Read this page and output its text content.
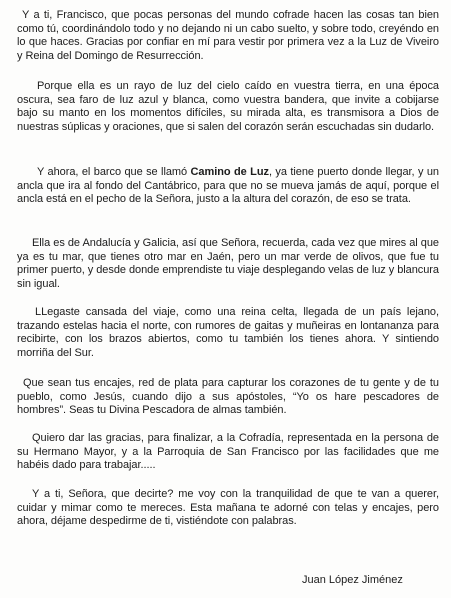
Y a ti, Francisco, que pocas personas del mundo cofrade hacen las cosas tan bien como tú, coordinándolo todo y no dejando ni un cabo suelto, y sobre todo, creyéndo en lo que haces. Gracias por confiar en mí para vestir por primera vez a la Luz de Viveiro y Reina del Domingo de Resurrección.

Porque ella es un rayo de luz del cielo caído en vuestra tierra, en una época oscura, sea faro de luz azul y blanca, como vuestra bandera, que invite a cobijarse bajo su manto en los momentos difíciles, su mirada alta, es transmisora a Dios de nuestras súplicas y oraciones, que si salen del corazón serán escuchadas sin dudarlo.

Y ahora, el barco que se llamó Camino de Luz, ya tiene puerto donde llegar, y un ancla que ira al fondo del Cantábrico, para que no se mueva jamás de aquí, porque el ancla está en el pecho de la Señora, justo a la altura del corazón, de eso se trata.

Ella es de Andalucía y Galicia, así que Señora, recuerda, cada vez que mires al que ya es tu mar, que tienes otro mar en Jaén, pero un mar verde de olivos, que fue tu primer puerto, y desde donde emprendiste tu viaje desplegando velas de luz y blancura sin igual.

LLegaste cansada del viaje, como una reina celta, llegada de un país lejano, trazando estelas hacia el norte, con rumores de gaitas y muñeiras en lontananza para recibirte, con los brazos abiertos, como tu también los tienes ahora. Y sintiendo morriña del Sur.

Que sean tus encajes, red de plata para capturar los corazones de tu gente y de tu pueblo, como Jesús, cuando dijo a sus apóstoles, “Yo os hare pescadores de hombres”. Seas tu Divina Pescadora de almas también.

Quiero dar las gracias, para finalizar, a la Cofradía, representada en la persona de su Hermano Mayor, y a la Parroquia de San Francisco por las facilidades que me habéis dado para trabajar.....

Y a ti, Señora, que decirte? me voy con la tranquilidad de que te van a querer, cuidar y mimar como te mereces. Esta mañana te adorné con telas y encajes, pero ahora, déjame despedirme de ti, vistiéndote con palabras.

Juan López Jiménez
